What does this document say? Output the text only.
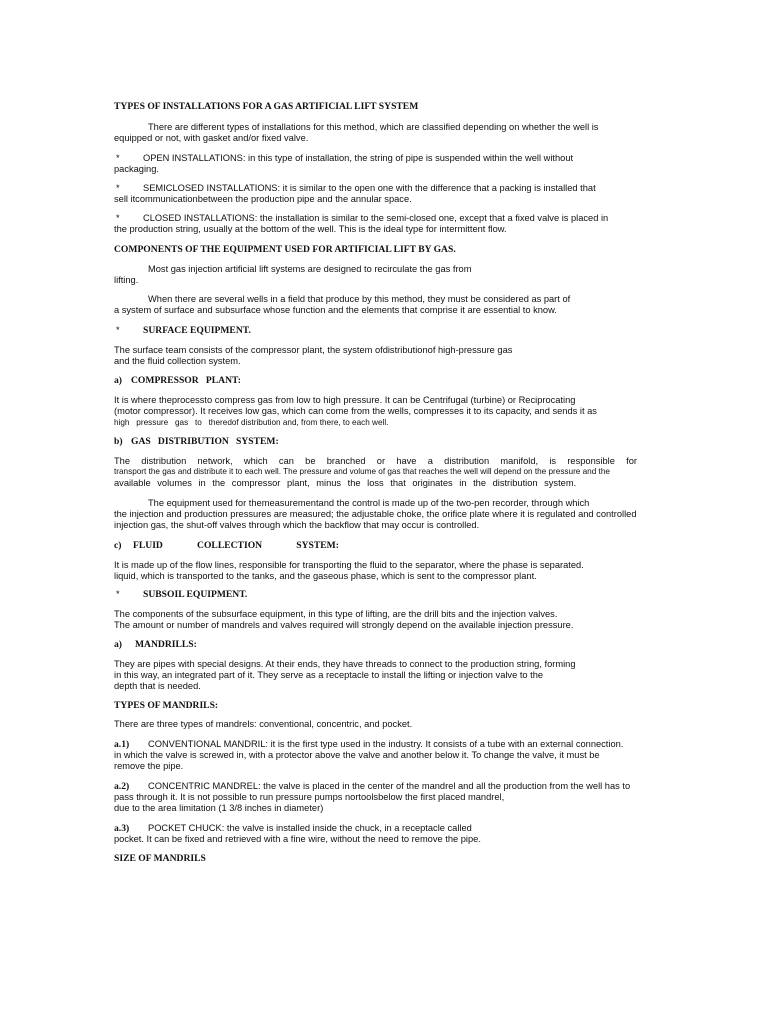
TYPES OF INSTALLATIONS FOR A GAS ARTIFICIAL LIFT SYSTEM
There are different types of installations for this method, which are classified depending on whether the well is
equipped or not, with gasket and/or fixed valve.
*	OPEN INSTALLATIONS: in this type of installation, the string of pipe is suspended within the well without
packaging.
*	SEMICLOSED INSTALLATIONS: it is similar to the open one with the difference that a packing is installed that
sell itcommunicationbetween the production pipe and the annular space.
*	CLOSED INSTALLATIONS: the installation is similar to the semi-closed one, except that a fixed valve is placed in
the production string, usually at the bottom of the well. This is the ideal type for intermittent flow.
COMPONENTS OF THE EQUIPMENT USED FOR ARTIFICIAL LIFT BY GAS.
Most gas injection artificial lift systems are designed to recirculate the gas from
lifting.
When there are several wells in a field that produce by this method, they must be considered as part of
a system of surface and subsurface whose function and the elements that comprise it are essential to know.
* SURFACE EQUIPMENT.
The surface team consists of the compressor plant, the system ofdistributionof high-pressure gas
and the fluid collection system.
a) COMPRESSOR   PLANT:
It is where theprocessto compress gas from low to high pressure. It can be Centrifugal (turbine) or Reciprocating
(motor compressor). It receives low gas, which can come from the wells, compresses it to its capacity, and sends it as
high   pressure   gas   to   theredof distribution and, from there, to each well.
b) GAS   DISTRIBUTION   SYSTEM:
The distribution network, which can be branched or have a distribution manifold, is responsible for
transport the gas and distribute it to each well. The pressure and volume of gas that reaches the well will depend on the pressure and the
available volumes in the compressor plant, minus the loss that originates in the distribution system.
The equipment used for themeasurementand the control is made up of the two-pen recorder, through which
the injection and production pressures are measured; the adjustable choke, the orifice plate where it is regulated and controlled
injection gas, the shut-off valves through which the backflow that may occur is controlled.
c) FLUID   COLLECTION   SYSTEM:
It is made up of the flow lines, responsible for transporting the fluid to the separator, where the phase is separated.
liquid, which is transported to the tanks, and the gaseous phase, which is sent to the compressor plant.
* SUBSOIL EQUIPMENT.
The components of the subsurface equipment, in this type of lifting, are the drill bits and the injection valves.
The amount or number of mandrels and valves required will strongly depend on the available injection pressure.
a) MANDRILLS:
They are pipes with special designs. At their ends, they have threads to connect to the production string, forming
in this way, an integrated part of it. They serve as a receptacle to install the lifting or injection valve to the
depth that is needed.
TYPES OF MANDRILS:
There are three types of mandrels: conventional, concentric, and pocket.
a.1) CONVENTIONAL MANDRIL: it is the first type used in the industry. It consists of a tube with an external connection.
in which the valve is screwed in, with a protector above the valve and another below it. To change the valve, it must be
remove the pipe.
a.2) CONCENTRIC MANDREL: the valve is placed in the center of the mandrel and all the production from the well has to
pass through it. It is not possible to run pressure pumps nortoolsbelow the first placed mandrel,
due to the area limitation (1 3/8 inches in diameter)
a.3) POCKET CHUCK: the valve is installed inside the chuck, in a receptacle called
pocket. It can be fixed and retrieved with a fine wire, without the need to remove the pipe.
SIZE OF MANDRILS
